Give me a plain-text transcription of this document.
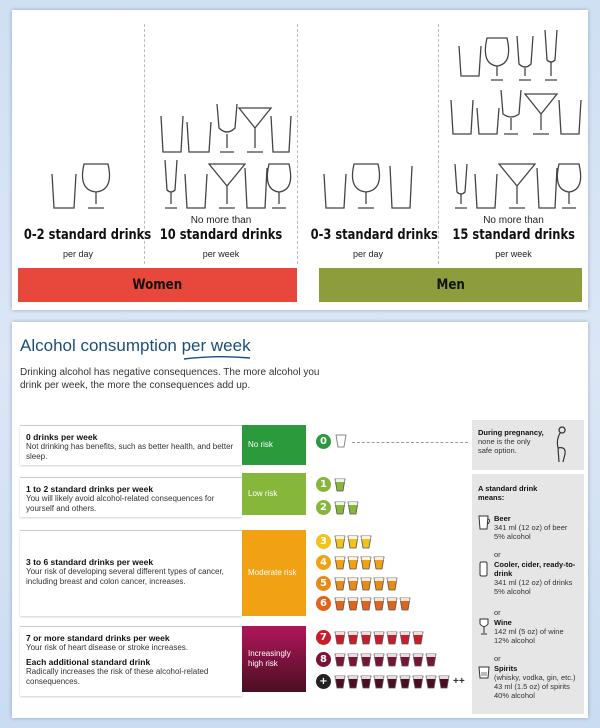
0-2 standard drinks
per day
No more than
10 standard drinks
per week
0-3 standard drinks
per day
No more than
15 standard drinks
per week
Women	Men
Alcohol consumption per week
Drinking alcohol has negative consequences. The more alcohol you drink per week, the more the consequences add up.
0 drinks per week
Not drinking has benefits, such as better health, and better sleep.
No risk
1 to 2 standard drinks per week
You will likely avoid alcohol-related consequences for yourself and others.
Low risk
3 to 6 standard drinks per week
Your risk of developing several different types of cancer, including breast and colon cancer, increases.
Moderate risk
7 or more standard drinks per week
Your risk of heart disease or stroke increases.
Each additional standard drink
Radically increases the risk of these alcohol-related consequences.
Increasingly high risk
0
1
2
3
4
5
6
7
8
+	++
During pregnancy,
none is the only safe option.
A standard drink means:
Beer
341 ml (12 oz) of beer
5% alcohol
or
Cooler, cider, ready-to-drink
341 ml (12 oz) of drinks
5% alcohol
or
Wine
142 ml (5 oz) of wine
12% alcohol
or
Spirits
(whisky, vodka, gin, etc.)
43 ml (1.5 oz) of spirits
40% alcohol
